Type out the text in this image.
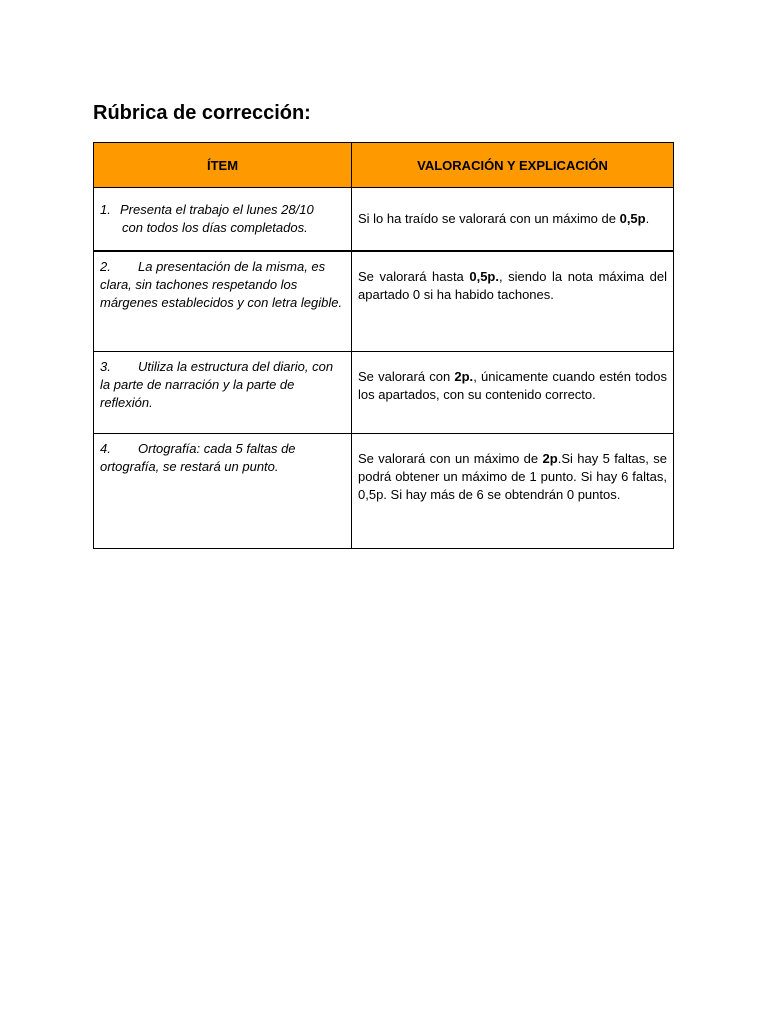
Rúbrica de corrección:
ÍTEM	VALORACIÓN Y EXPLICACIÓN
1. Presenta el trabajo el lunes 28/10
con todos los días completados.	Si lo ha traído se valorará con un máximo de 0,5p.
2. La presentación de la misma, es clara, sin tachones respetando los márgenes establecidos y con letra legible.	Se valorará hasta 0,5p., siendo la nota máxima del apartado 0 si ha habido tachones.
3. Utiliza la estructura del diario, con la parte de narración y la parte de reflexión.	Se valorará con 2p., únicamente cuando estén todos los apartados, con su contenido correcto.
4. Ortografía: cada 5 faltas de ortografía, se restará un punto.	Se valorará con un máximo de 2p.Si hay 5 faltas, se podrá obtener un máximo de 1 punto. Si hay 6 faltas, 0,5p. Si hay más de 6 se obtendrán 0 puntos.
